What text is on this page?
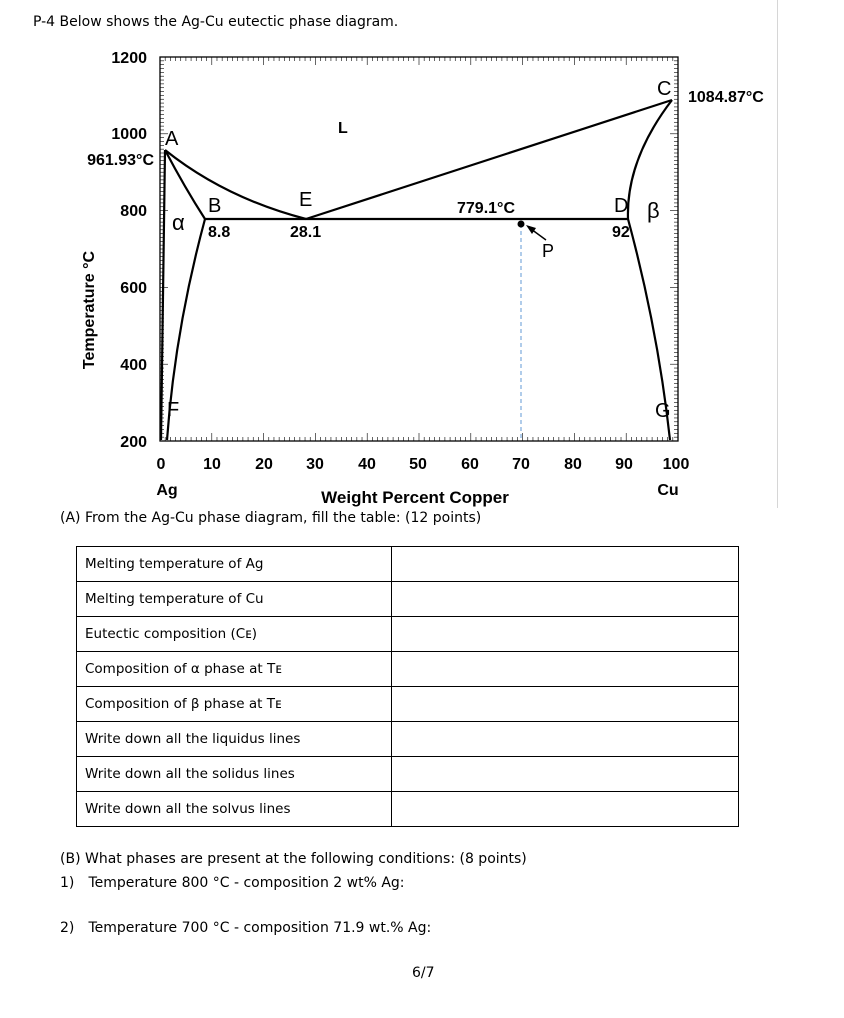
P-4 Below shows the Ag-Cu eutectic phase diagram.
1200
1000
800
600
400
200
0 10 20 30 40 50 60 70 80 90 100
Temperature °C
Weight Percent Copper
Ag	Cu
961.93°C
1084.87°C
779.1°C
8.8	28.1	92
A
B	E
C
D
F	G
P
L
α	β
(A) From the Ag-Cu phase diagram, fill the table: (12 points)
Melting temperature of Ag	
Melting temperature of Cu	
Eutectic composition (Cᴇ)	
Composition of α phase at Tᴇ	
Composition of β phase at Tᴇ	
Write down all the liquidus lines	
Write down all the solidus lines	
Write down all the solvus lines	
(B) What phases are present at the following conditions: (8 points)
1) Temperature 800 °C - composition 2 wt% Ag:
2) Temperature 700 °C - composition 71.9 wt.% Ag:
6/7
